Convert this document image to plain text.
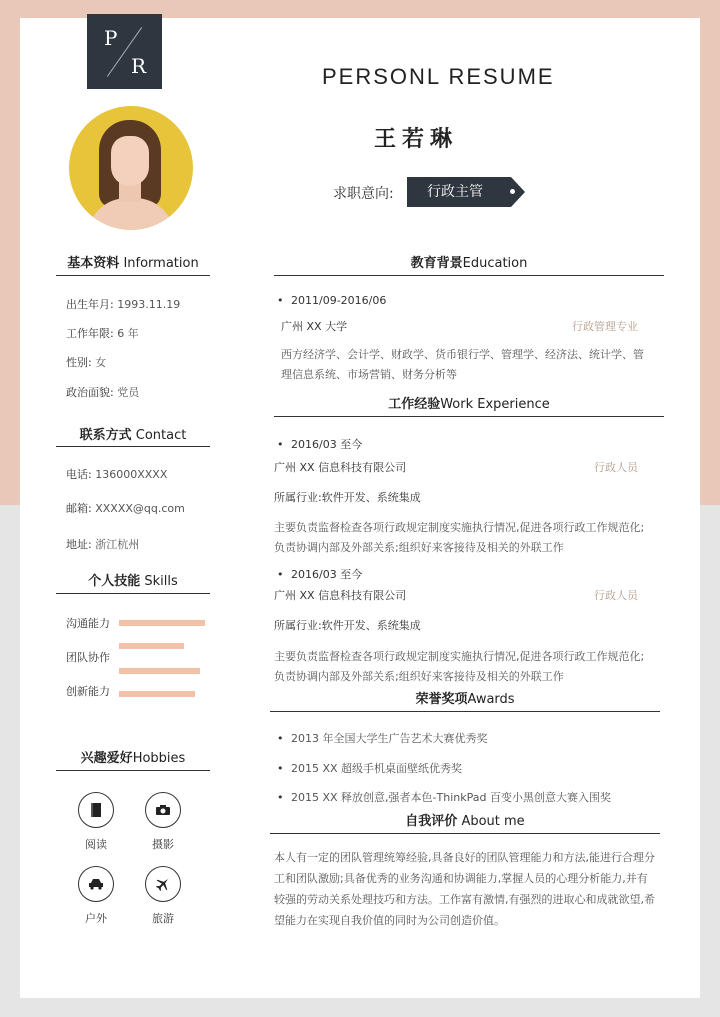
P
R	PERSONL RESUME
王若琳
求职意向:	行政主管
基本资料 Information
出生年月: 1993.11.19
工作年限: 6 年
性别: 女
政治面貌: 党员
联系方式 Contact
电话: 136000XXXX
邮箱: XXXXX@qq.com
地址: 浙江杭州
个人技能 Skills
沟通能力
团队协作
创新能力
兴趣爱好Hobbies
阅读	摄影
户外	旅游
教育背景Education
• 2011/09-2016/06
广州 XX 大学	行政管理专业
西方经济学、会计学、财政学、货币银行学、管理学、经济法、统计学、管理信息系统、市场营销、财务分析等
工作经验Work Experience
• 2016/03 至今
广州 XX 信息科技有限公司	行政人员
所属行业:软件开发、系统集成
主要负责监督检查各项行政规定制度实施执行情况,促进各项行政工作规范化;
负责协调内部及外部关系;组织好来客接待及相关的外联工作
• 2016/03 至今
广州 XX 信息科技有限公司	行政人员
所属行业:软件开发、系统集成
主要负责监督检查各项行政规定制度实施执行情况,促进各项行政工作规范化;
负责协调内部及外部关系;组织好来客接待及相关的外联工作
荣誉奖项Awards
• 2013 年全国大学生广告艺术大赛优秀奖
• 2015 XX 超级手机桌面壁纸优秀奖
• 2015 XX 释放创意,强者本色-ThinkPad 百变小黑创意大赛入围奖
自我评价 About me
本人有一定的团队管理统筹经验,具备良好的团队管理能力和方法,能进行合理分工和团队激励;具备优秀的业务沟通和协调能力,掌握人员的心理分析能力,并有较强的劳动关系处理技巧和方法。工作富有激情,有强烈的进取心和成就欲望,希望能力在实现自我价值的同时为公司创造价值。
